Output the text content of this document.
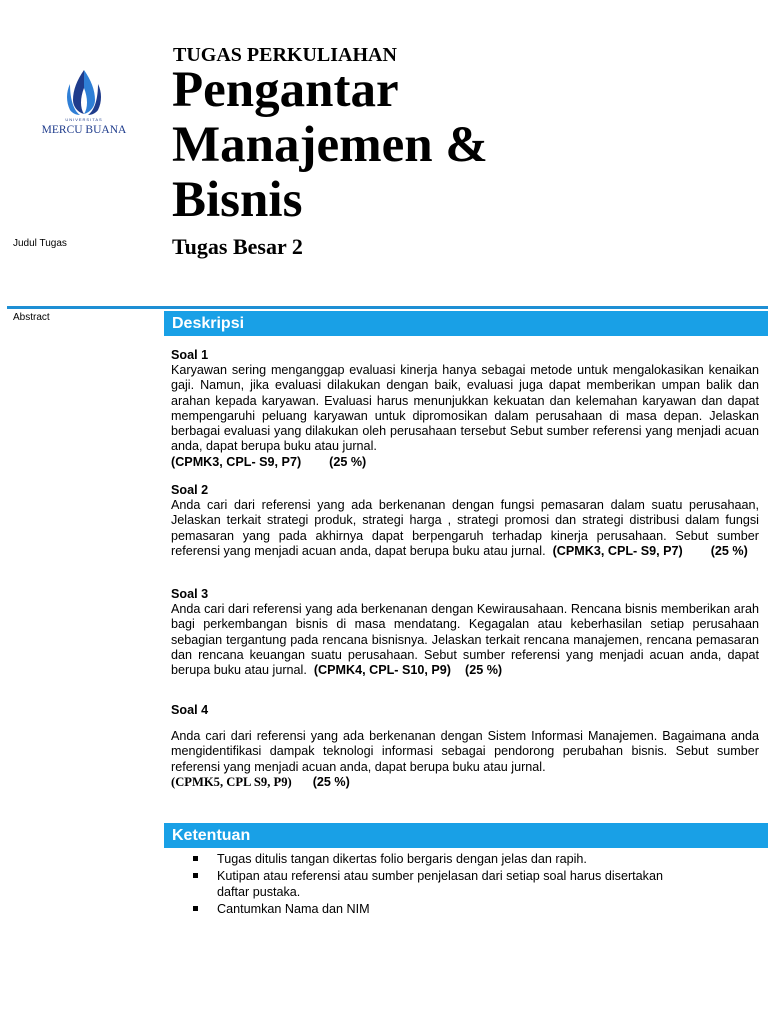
UNIVERSITAS
MERCU BUANA
TUGAS PERKULIAHAN
Pengantar
Manajemen &
Bisnis
Tugas Besar 2
Judul Tugas
Abstract	Deskripsi
Soal 1
Karyawan sering menganggap evaluasi kinerja hanya sebagai metode untuk mengalokasikan kenaikan gaji. Namun, jika evaluasi dilakukan dengan baik, evaluasi juga dapat memberikan umpan balik dan arahan kepada karyawan. Evaluasi harus menunjukkan kekuatan dan kelemahan karyawan dan dapat mempengaruhi peluang karyawan untuk dipromosikan dalam perusahaan di masa depan. Jelaskan berbagai evaluasi yang dilakukan oleh perusahaan tersebut Sebut sumber referensi yang menjadi acuan anda, dapat berupa buku atau jurnal.
(CPMK3, CPL- S9, P7)        (25 %)
Soal 2
Anda cari dari referensi yang ada berkenanan dengan fungsi pemasaran dalam suatu perusahaan, Jelaskan terkait strategi produk, strategi harga , strategi promosi dan strategi distribusi dalam fungsi pemasaran yang pada akhirnya dapat berpengaruh terhadap kinerja perusahaan. Sebut sumber referensi yang menjadi acuan anda, dapat berupa buku atau jurnal. (CPMK3, CPL- S9, P7)        (25 %)
Soal 3
Anda cari dari referensi yang ada berkenanan dengan Kewirausahaan. Rencana bisnis memberikan arah bagi perkembangan bisnis di masa mendatang. Kegagalan atau keberhasilan setiap perusahaan sebagian tergantung pada rencana bisnisnya. Jelaskan terkait rencana manajemen, rencana pemasaran dan rencana keuangan suatu perusahaan. Sebut sumber referensi yang menjadi acuan anda, dapat berupa buku atau jurnal. (CPMK4, CPL- S10, P9)    (25 %)
Soal 4
Anda cari dari referensi yang ada berkenanan dengan Sistem Informasi Manajemen. Bagaimana anda mengidentifikasi dampak teknologi informasi sebagai pendorong perubahan bisnis. Sebut sumber referensi yang menjadi acuan anda, dapat berupa buku atau jurnal.
(CPMK5, CPL S9, P9) (25 %)
Ketentuan
Tugas ditulis tangan dikertas folio bergaris dengan jelas dan rapih.
Kutipan atau referensi atau sumber penjelasan dari setiap soal harus disertakan daftar pustaka.
Cantumkan Nama dan NIM
